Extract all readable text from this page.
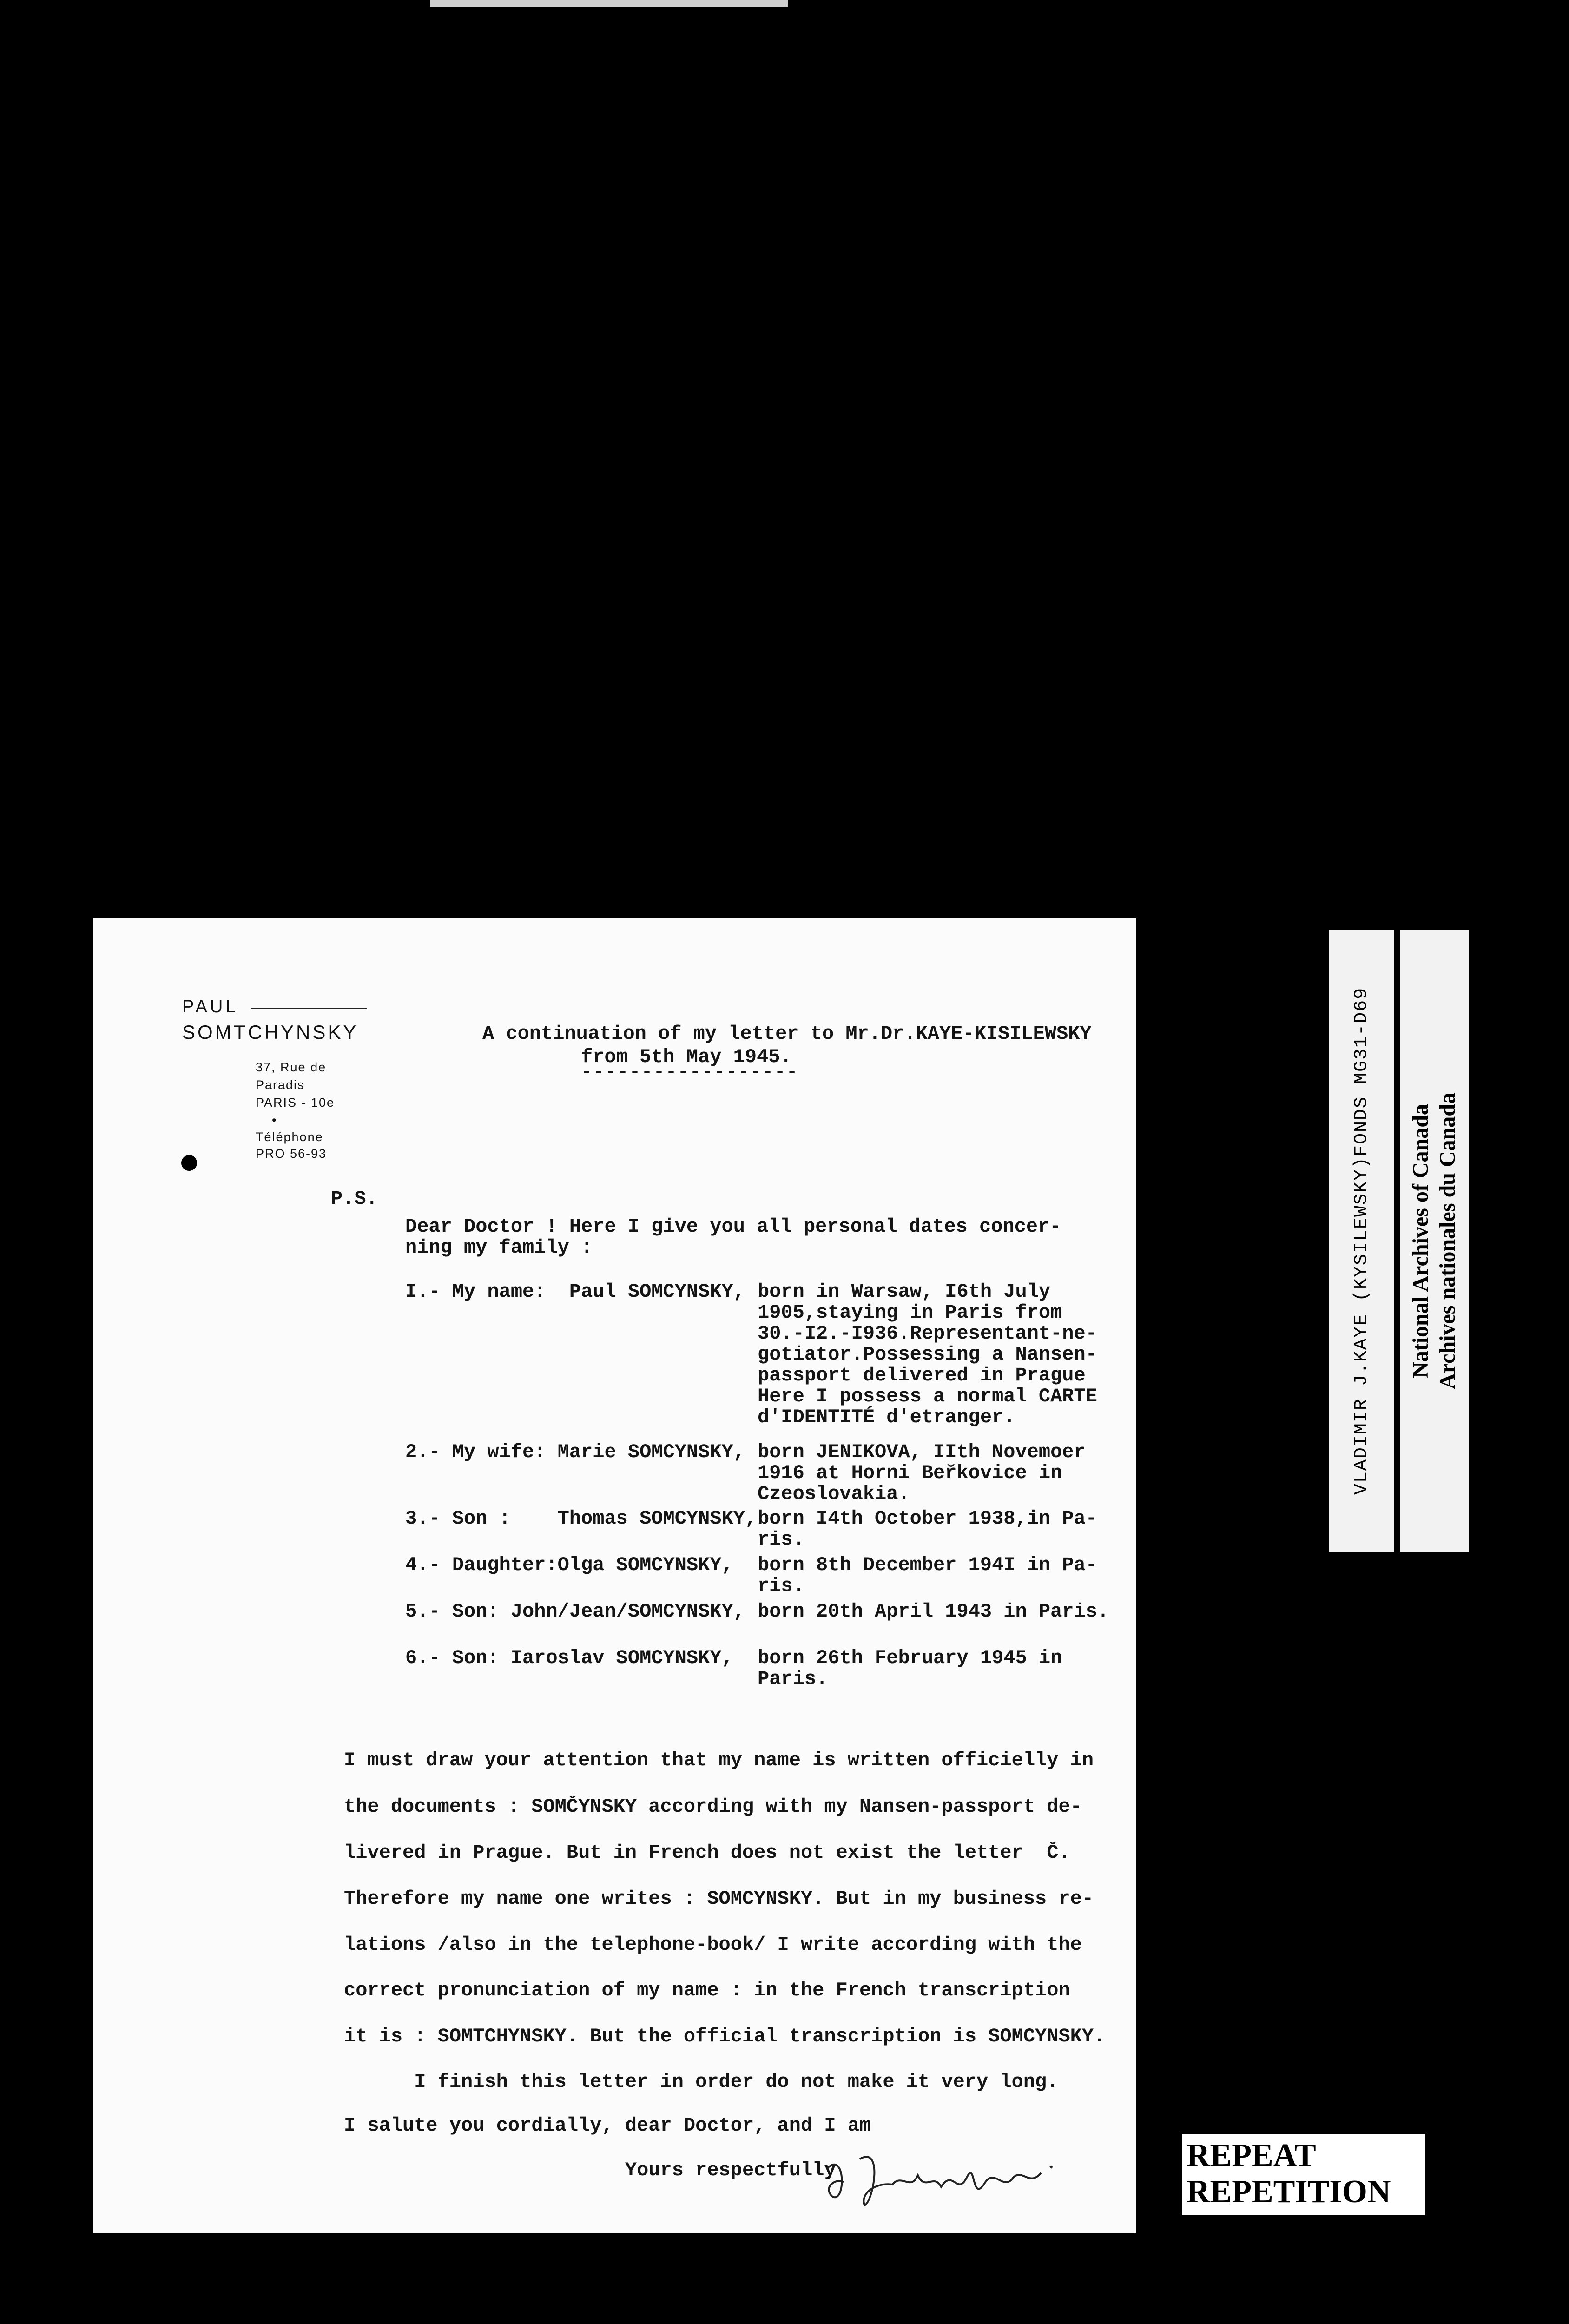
PAUL
SOMTCHYNSKY
37, Rue de
Paradis
PARIS - 10e
•
Téléphone
PRO 56-93
A continuation of my letter to Mr.Dr.KAYE-KISILEWSKY
from 5th May 1945.
------------------
P.S.
Dear Doctor ! Here I give you all personal dates concer-
ning my family :
I.- My name:  Paul SOMCYNSKY, born in Warsaw, I6th July
1905,staying in Paris from
30.-I2.-I936.Representant-ne-
gotiator.Possessing a Nansen-
passport delivered in Prague
Here I possess a normal CARTE
d'IDENTITÉ d'etranger.
2.- My wife: Marie SOMCYNSKY, born JENIKOVA, IIth Novemoer
1916 at Horni Beřkovice in
Czeoslovakia.
3.- Son :    Thomas SOMCYNSKY, born I4th October 1938,in Pa-
ris.
4.- Daughter:Olga SOMCYNSKY, born 8th December 194I in Pa-
ris.
5.- Son: John/Jean/SOMCYNSKY, born 20th April 1943 in Paris.
6.- Son: Iaroslav SOMCYNSKY, born 26th February 1945 in
Paris.
I must draw your attention that my name is written officielly in
the documents : SOMČYNSKY according with my Nansen-passport de-
livered in Prague. But in French does not exist the letter  Č.
Therefore my name one writes : SOMCYNSKY. But in my business re-
lations /also in the telephone-book/ I write according with the
correct pronunciation of my name : in the French transcription
it is : SOMTCHYNSKY. But the official transcription is SOMCYNSKY.
I finish this letter in order do not make it very long.
I salute you cordially, dear Doctor, and I am
Yours respectfully
VLADIMIR J.KAYE (KYSILEWSKY)FONDS MG31-D69 National Archives of Canada Archives nationales du Canada
REPEAT
REPETITION
